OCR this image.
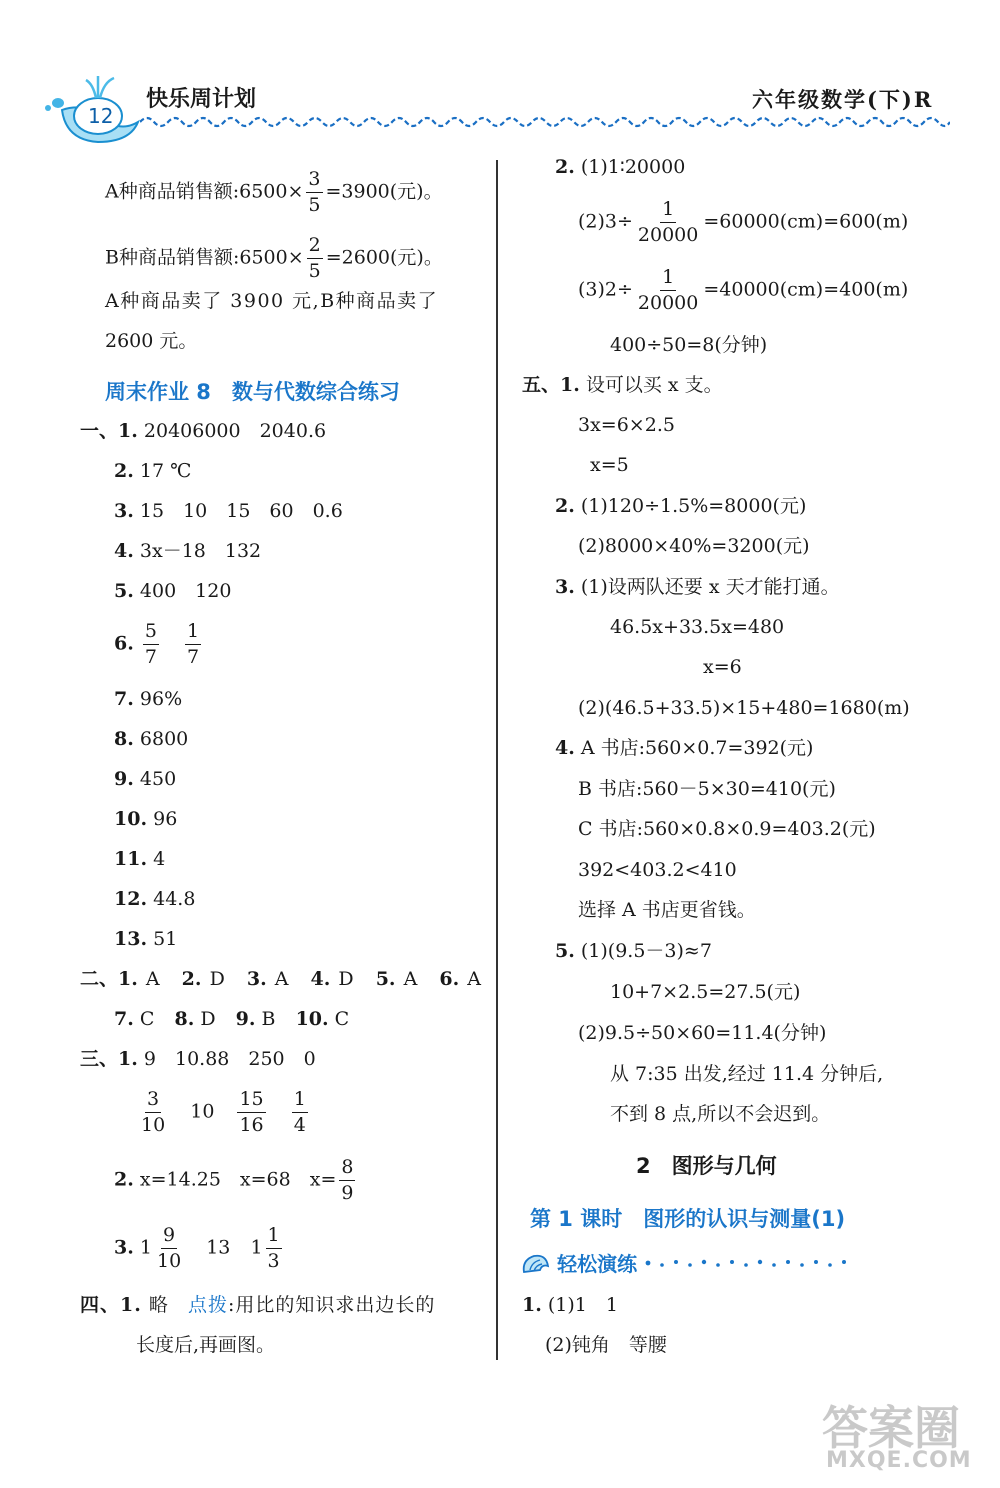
12
快乐周计划	六年级数学(下)R
A种商品销售额:6500× $\frac{3}{5} =3900$(元)。
B种商品销售额:6500× $\frac{2}{5} =2600$(元)。
A种商品卖了 3900 元,B种商品卖了
2600 元。
周末作业 8　数与代数综合练习
一、1. 20406000　2040.6
2. 17 ℃
3. 15　10　15　60　0.6
4. 3x－18　132
5. 400　120
6. $\frac{5}{7}$
$\frac{1}{7}$
7. 96%
8. 6800
9. 450
10. 96
11. 4
12. 44.8
13. 51
二、1. A 2. D 3. A 4. D 5. A 6. A
7. C 8. D 9. B 10. C
三、1. 9　10.88　250　0
$\frac{3}{10} 10 \frac{15}{16}$
$\frac{1}{4}$
2. x=14.25　x=68　$x= \frac{8}{9}$
3. $1 \frac{9}{10} 13$ $1 \frac{1}{3}$
四、1. 略 点拨:用比的知识求出边长的
长度后,再画图。
2. (1)1∶20000
$(2)3\div \frac{1}{20000} =60000(cm)=600(m)$
$(3)2\div \frac{1}{20000} =40000(cm)=400(m)$
400÷50=8(分钟)
五、1. 设可以买 x 支。
3x=6×2.5
x=5
2. (1)120÷1.5%=8000(元)
(2)8000×40%=3200(元)
3. (1)设两队还要 x 天才能打通。
46.5x+33.5x=480
x=6
(2)(46.5+33.5)×15+480=1680(m)
4. A 书店:560×0.7=392(元)
B 书店:560－5×30=410(元)
C 书店:560×0.8×0.9=403.2(元)
392<403.2<410
选择 A 书店更省钱。
5. (1)(9.5－3)≈7
10+7×2.5=27.5(元)
(2)9.5÷50×60=11.4(分钟)
从 7:35 出发,经过 11.4 分钟后,
不到 8 点,所以不会迟到。
2　图形与几何
第 1 课时　图形的认识与测量(1)
轻松演练
1. (1)1　1
(2)钝角　等腰
答案圈
MXQE.COM
